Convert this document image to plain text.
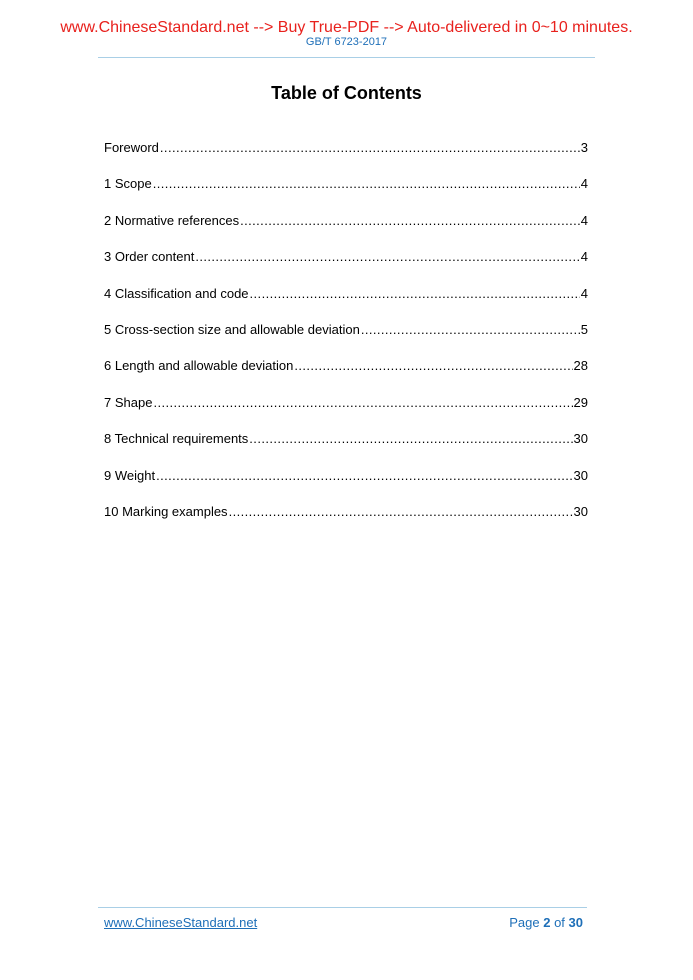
www.ChineseStandard.net --> Buy True-PDF --> Auto-delivered in 0~10 minutes.
GB/T 6723-2017
Table of Contents
Foreword .....	3
1 Scope .....	4
2 Normative references .....	4
3 Order content .....	4
4 Classification and code .....	4
5 Cross-section size and allowable deviation .....	5
6 Length and allowable deviation .....	28
7 Shape .....	29
8 Technical requirements .....	30
9 Weight .....	30
10 Marking examples .....	30
www.ChineseStandard.net	Page 2 of 30
